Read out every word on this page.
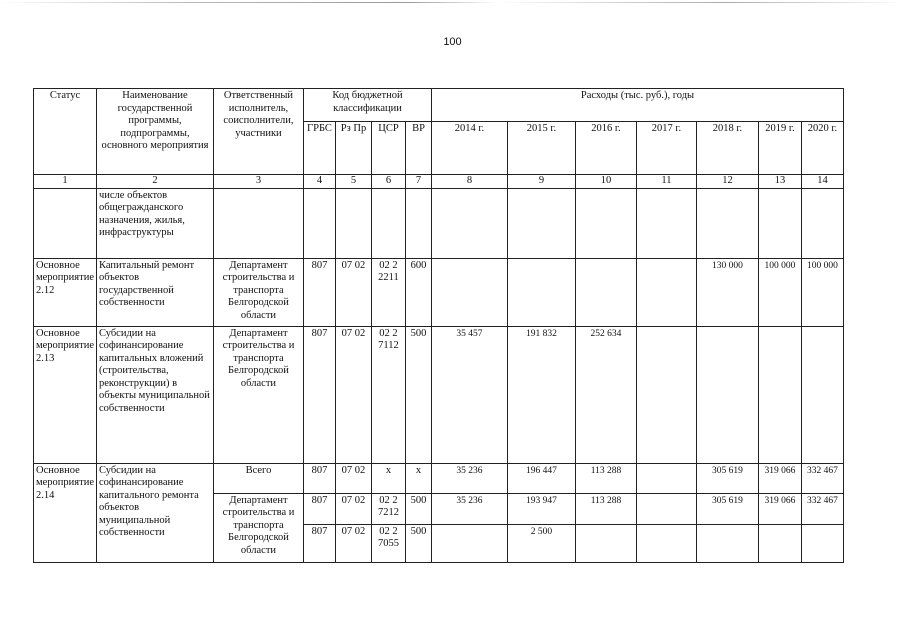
100
Статус	Наименование государственной программы, подпрограммы, основного мероприятия	Ответственный исполнитель, соисполнители, участники	Код бюджетной классификации				Расходы (тыс. руб.), годы						
			ГРБС	Рз Пр	ЦСР	ВР	2014 г.	2015 г.	2016 г.	2017 г.	2018 г.	2019 г.	2020 г.
1	2	3	4	5	6	7	8	9	10	11	12	13	14
	числе объектов общегражданского назначения, жилья, инфраструктуры												
Основное мероприятие 2.12	Капитальный ремонт объектов государственной собственности	Департамент строительства и транспорта Белгородской области	807	07 02	02 2 2211	600					130 000	100 000	100 000
Основное мероприятие 2.13	Субсидии на софинансирование капитальных вложений (строительства, реконструкции) в объекты муниципальной собственности	Департамент строительства и транспорта Белгородской области	807	07 02	02 2 7112	500	35 457	191 832	252 634				
Основное мероприятие 2.14	Субсидии на софинансирование капитального ремонта объектов муниципальной собственности	Всего	807	07 02	х	х	35 236	196 447	113 288		305 619	319 066	332 467
		Департамент строительства и транспорта Белгородской области	807	07 02	02 2 7212	500	35 236	193 947	113 288		305 619	319 066	332 467
			807	07 02	02 2 7055	500		2 500					
